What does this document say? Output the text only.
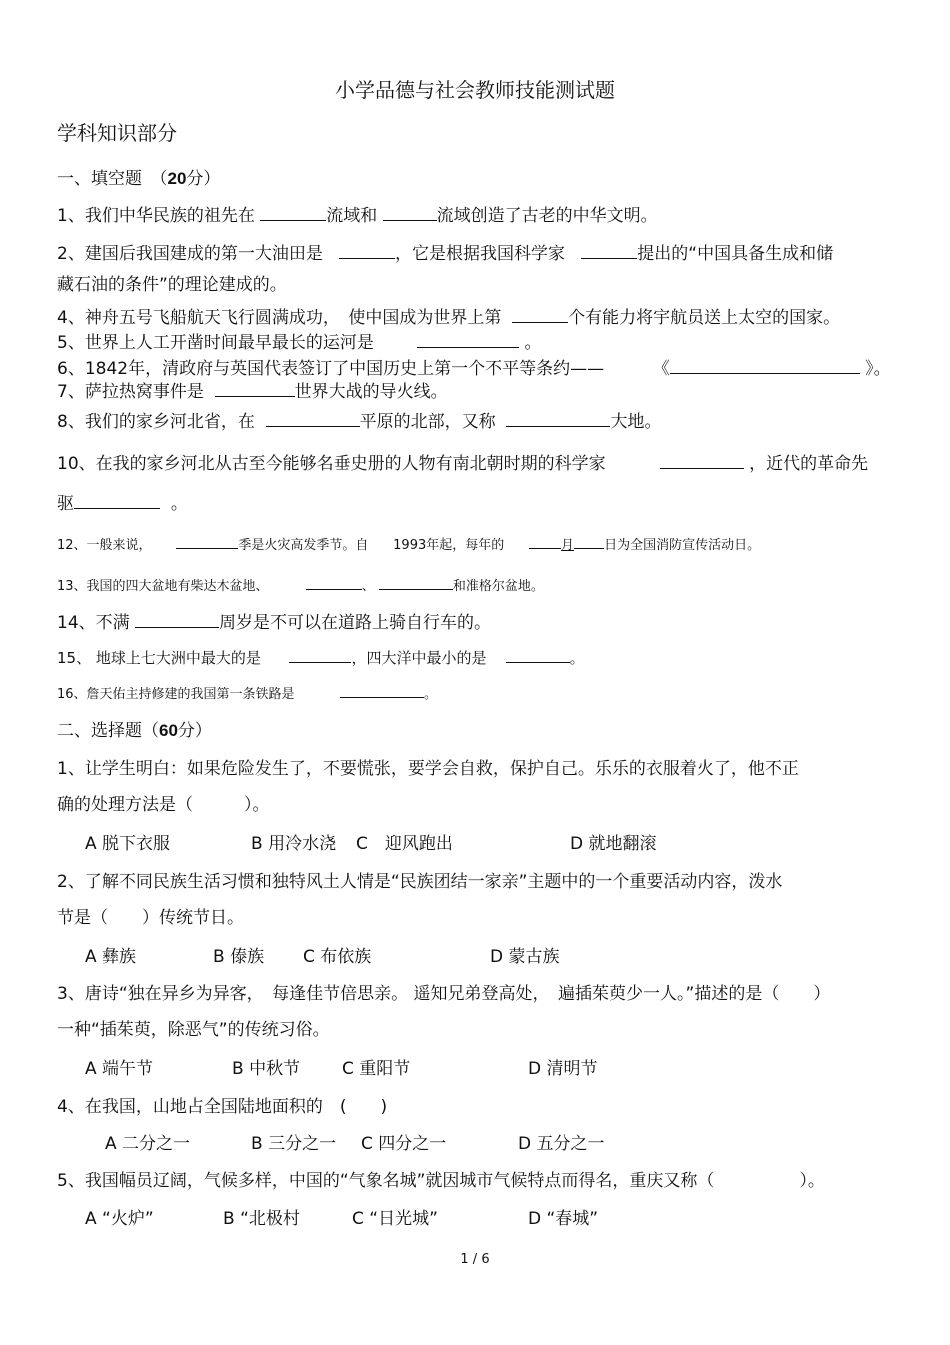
小学品德与社会教师技能测试题
学科知识部分
一、填空题　（20分）
1、我们中华民族的祖先在	流域和	流域创造了古老的中华文明。
2、建国后我国建成的第一大油田是	，它是根据我国科学家	提出的“中国具备生成和储
藏石油的条件”的理论建成的。
4、神舟五号飞船航天飞行圆满成功，　使中国成为世界上第	个有能力将宇航员送上太空的国家。
5、世界上人工开凿时间最早最长的运河是	。
6、1842年，清政府与英国代表签订了中国历史上第一个不平等条约——	《	》。
7、萨拉热窝事件是	世界大战的导火线。
8、我们的家乡河北省，在	平原的北部，又称	大地。
10、在我的家乡河北从古至今能够名垂史册的人物有南北朝时期的科学家	，近代的革命先
驱	。
12、一般来说，	季是火灾高发季节。自 1993年起，每年的	月 日为全国消防宣传活动日。
13、我国的四大盆地有柴达木盆地、	、	和准格尔盆地。
14、不满	周岁是不可以在道路上骑自行车的。
15、 地球上七大洲中最大的是	，四大洋中最小的是	。
16、詹天佑主持修建的我国第一条铁路是	。
二、选择题（60分）
1、让学生明白：如果危险发生了，不要慌张，要学会自救，保护自己。乐乐的衣服着火了，他不正
确的处理方法是（　　　）。
A 脱下衣服	B 用冷水浇 C　迎风跑出	D 就地翻滚
2、了解不同民族生活习惯和独特风土人情是“民族团结一家亲”主题中的一个重要活动内容，泼水
节是（　　）传统节日。
A 彝族	B 傣族 C 布依族	D 蒙古族
3、唐诗“独在异乡为异客，　每逢佳节倍思亲。 遥知兄弟登高处，　遍插茱萸少一人。”描述的是（　　）
一种“插茱萸，除恶气”的传统习俗。
A 端午节	B 中秋节 C 重阳节	D 清明节
4、在我国，山地占全国陆地面积的　(　　)
A 二分之一	B 三分之一 C 四分之一	D 五分之一
5、我国幅员辽阔，气候多样，中国的“气象名城”就因城市气候特点而得名，重庆又称（　　　　　）。
A “火炉”	B “北极村	C “日光城”	D “春城”
1 / 6
